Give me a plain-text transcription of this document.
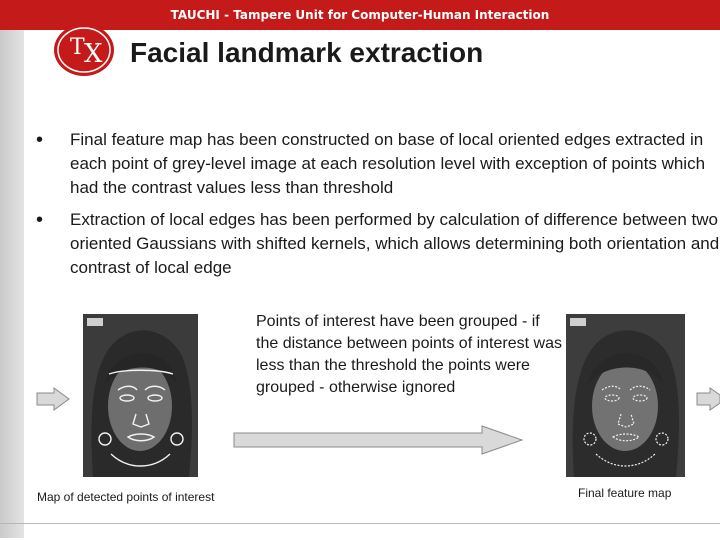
TAUCHI - Tampere Unit for Computer-Human Interaction
T X Facial landmark extraction
• Final feature map has been constructed on base of local oriented edges extracted in each point of grey-level image at each resolution level with exception of points which had the contrast values less than threshold
• Extraction of local edges has been performed by calculation of difference between two oriented Gaussians with shifted kernels, which allows determining both orientation and contrast of local edge
Points of interest have been grouped - if the distance between points of interest was less than the threshold the points were grouped - otherwise ignored
Map of detected points of interest	Final feature map
